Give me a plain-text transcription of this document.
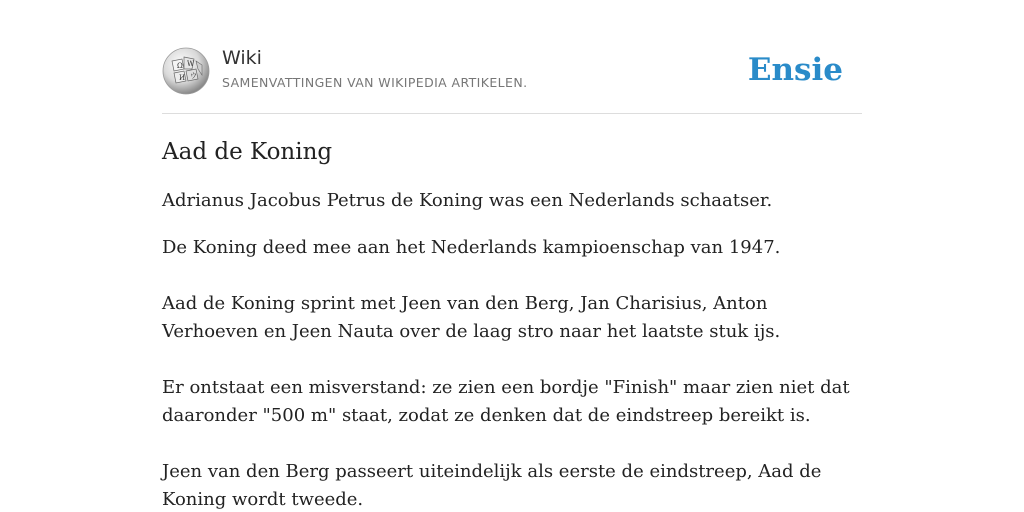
Ω W
И ウ
Wiki
SAMENVATTINGEN VAN WIKIPEDIA ARTIKELEN.	Ensie
Aad de Koning

Adrianus Jacobus Petrus de Koning was een Nederlands schaatser.

De Koning deed mee aan het Nederlands kampioenschap van 1947.

Aad de Koning sprint met Jeen van den Berg, Jan Charisius, Anton Verhoeven en Jeen Nauta over de laag stro naar het laatste stuk ijs.

Er ontstaat een misverstand: ze zien een bordje "Finish" maar zien niet dat daaronder "500 m" staat, zodat ze denken dat de eindstreep bereikt is.

Jeen van den Berg passeert uiteindelijk als eerste de eindstreep, Aad de Koning wordt tweede.
